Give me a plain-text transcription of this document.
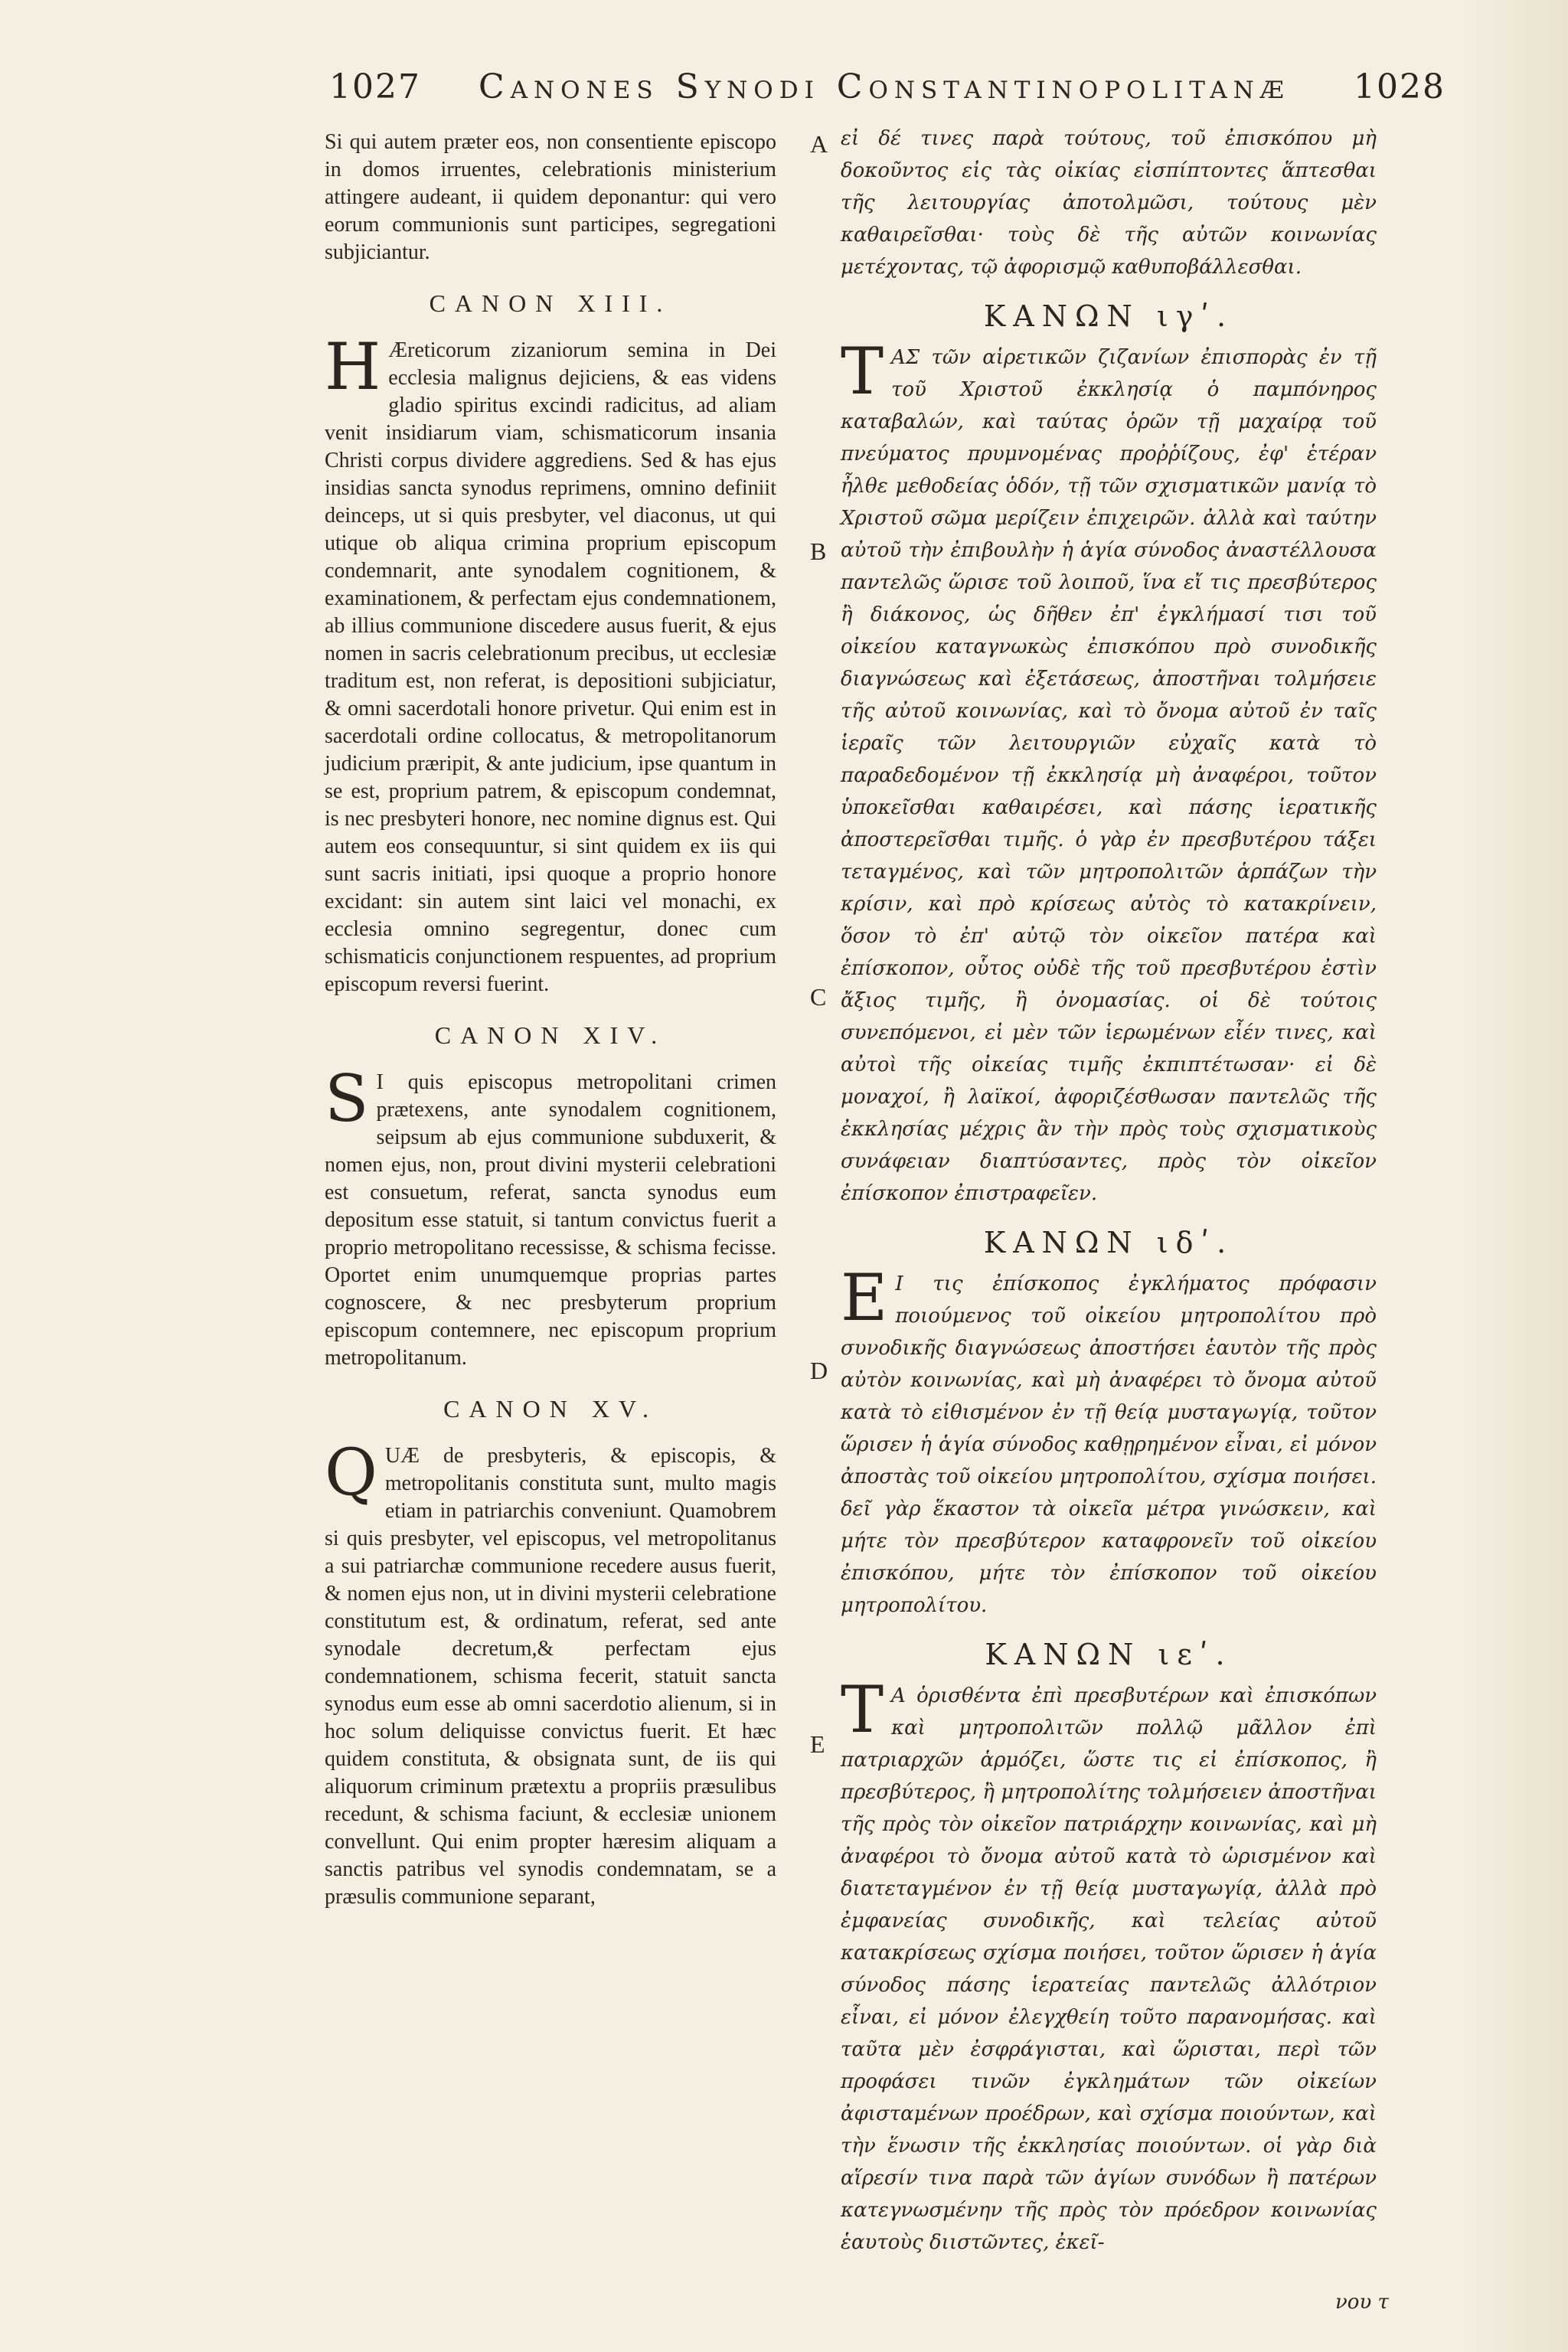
1027 Canones Synodi Constantinopolitanæ 1028
A
B
C
D
E

Si qui autem præter eos, non consentiente episcopo in domos irruentes, celebrationis ministerium attingere audeant, ii quidem deponantur: qui vero eorum communionis sunt participes, segregationi subjiciantur.

CANON XIII.

H Æreticorum zizaniorum semina in Dei ecclesia malignus dejiciens, & eas videns gladio spiritus excindi radicitus, ad aliam venit insidiarum viam, schismaticorum insania Christi corpus dividere aggrediens. Sed & has ejus insidias sancta synodus reprimens, omnino definiit deinceps, ut si quis presbyter, vel diaconus, ut qui utique ob aliqua crimina proprium episcopum condemnarit, ante synodalem cognitionem, & examinationem, & perfectam ejus condemnationem, ab illius communione discedere ausus fuerit, & ejus nomen in sacris celebrationum precibus, ut ecclesiæ traditum est, non referat, is depositioni subjiciatur, & omni sacerdotali honore privetur. Qui enim est in sacerdotali ordine collocatus, & metropolitanorum judicium præripit, & ante judicium, ipse quantum in se est, proprium patrem, & episcopum condemnat, is nec presbyteri honore, nec nomine dignus est. Qui autem eos consequuntur, si sint quidem ex iis qui sunt sacris initiati, ipsi quoque a proprio honore excidant: sin autem sint laici vel monachi, ex ecclesia omnino segregentur, donec cum schismaticis conjunctionem respuentes, ad proprium episcopum reversi fuerint.

CANON XIV.

S I quis episcopus metropolitani crimen prætexens, ante synodalem cognitionem, seipsum ab ejus communione subduxerit, & nomen ejus, non, prout divini mysterii celebrationi est consuetum, referat, sancta synodus eum depositum esse statuit, si tantum convictus fuerit a proprio metropolitano recessisse, & schisma fecisse. Oportet enim unumquemque proprias partes cognoscere, & nec presbyterum proprium episcopum contemnere, nec episcopum proprium metropolitanum.

CANON XV.

QUÆ de presbyteris, & episcopis, & metropolitanis constituta sunt, multo magis etiam in patriarchis conveniunt. Quamobrem si quis presbyter, vel episcopus, vel metropolitanus a sui patriarchæ communione recedere ausus fuerit, & nomen ejus non, ut in divini mysterii celebratione constitutum est, & ordinatum, referat, sed ante synodale decretum,& perfectam ejus condemnationem, schisma fecerit, statuit sancta synodus eum esse ab omni sacerdotio alienum, si in hoc solum deliquisse convictus fuerit. Et hæc quidem constituta, & obsignata sunt, de iis qui aliquorum criminum prætextu a propriis præsulibus recedunt, & schisma faciunt, & ecclesiæ unionem convellunt. Qui enim propter hæresim aliquam a sanctis patribus vel synodis condemnatam, se a præsulis communione separant,

εἰ δέ τινες παρὰ τούτους, τοῦ ἐπισκόπου μὴ δοκοῦντος εἰς τὰς οἰκίας εἰσπίπτοντες ἅπτεσθαι τῆς λειτουργίας ἀποτολμῶσι, τούτους μὲν καθαιρεῖσθαι· τοὺς δὲ τῆς αὐτῶν κοινωνίας μετέχοντας, τῷ ἀφορισμῷ καθυποβάλλεσθαι.

ΚΑΝΩΝ ιγʹ.

ΤΑΣ τῶν αἱρετικῶν ζιζανίων ἐπισπορὰς ἐν τῇ τοῦ Χριστοῦ ἐκκλησίᾳ ὁ παμπόνηρος καταβαλών, καὶ ταύτας ὁρῶν τῇ μαχαίρᾳ τοῦ πνεύματος πρυμνομένας προῤῥίζους, ἐφ' ἑτέραν ἦλθε μεθοδείας ὁδόν, τῇ τῶν σχισματικῶν μανίᾳ τὸ Χριστοῦ σῶμα μερίζειν ἐπιχειρῶν. ἀλλὰ καὶ ταύτην αὐτοῦ τὴν ἐπιβουλὴν ἡ ἁγία σύνοδος ἀναστέλλουσα παντελῶς ὥρισε τοῦ λοιποῦ, ἵνα εἴ τις πρεσβύτερος ἢ διάκονος, ὡς δῆθεν ἐπ' ἐγκλήμασί τισι τοῦ οἰκείου καταγνωκὼς ἐπισκόπου πρὸ συνοδικῆς διαγνώσεως καὶ ἐξετάσεως, ἀποστῆναι τολμήσειε τῆς αὐτοῦ κοινωνίας, καὶ τὸ ὄνομα αὐτοῦ ἐν ταῖς ἱεραῖς τῶν λειτουργιῶν εὐχαῖς κατὰ τὸ παραδεδομένον τῇ ἐκκλησίᾳ μὴ ἀναφέροι, τοῦτον ὑποκεῖσθαι καθαιρέσει, καὶ πάσης ἱερατικῆς ἀποστερεῖσθαι τιμῆς. ὁ γὰρ ἐν πρεσβυτέρου τάξει τεταγμένος, καὶ τῶν μητροπολιτῶν ἁρπάζων τὴν κρίσιν, καὶ πρὸ κρίσεως αὐτὸς τὸ κατακρίνειν, ὅσον τὸ ἐπ' αὐτῷ τὸν οἰκεῖον πατέρα καὶ ἐπίσκοπον, οὗτος οὐδὲ τῆς τοῦ πρεσβυτέρου ἐστὶν ἄξιος τιμῆς, ἢ ὀνομασίας. οἱ δὲ τούτοις συνεπόμενοι, εἰ μὲν τῶν ἱερωμένων εἶέν τινες, καὶ αὐτοὶ τῆς οἰκείας τιμῆς ἐκπιπτέτωσαν· εἰ δὲ μοναχοί, ἢ λαϊκοί, ἀφοριζέσθωσαν παντελῶς τῆς ἐκκλησίας μέχρις ἂν τὴν πρὸς τοὺς σχισματικοὺς συνάφειαν διαπτύσαντες, πρὸς τὸν οἰκεῖον ἐπίσκοπον ἐπιστραφεῖεν.

ΚΑΝΩΝ ιδʹ.

Ε Ι τις ἐπίσκοπος ἐγκλήματος πρόφασιν ποιούμενος τοῦ οἰκείου μητροπολίτου πρὸ συνοδικῆς διαγνώσεως ἀποστήσει ἑαυτὸν τῆς πρὸς αὐτὸν κοινωνίας, καὶ μὴ ἀναφέρει τὸ ὄνομα αὐτοῦ κατὰ τὸ εἰθισμένον ἐν τῇ θείᾳ μυσταγωγίᾳ, τοῦτον ὥρισεν ἡ ἁγία σύνοδος καθῃρημένον εἶναι, εἰ μόνον ἀποστὰς τοῦ οἰκείου μητροπολίτου, σχίσμα ποιήσει. δεῖ γὰρ ἕκαστον τὰ οἰκεῖα μέτρα γινώσκειν, καὶ μήτε τὸν πρεσβύτερον καταφρονεῖν τοῦ οἰκείου ἐπισκόπου, μήτε τὸν ἐπίσκοπον τοῦ οἰκείου μητροπολίτου.

ΚΑΝΩΝ ιεʹ.

Τ Α ὁρισθέντα ἐπὶ πρεσβυτέρων καὶ ἐπισκόπων καὶ μητροπολιτῶν πολλῷ μᾶλλον ἐπὶ πατριαρχῶν ἁρμόζει, ὥστε τις εἰ ἐπίσκοπος, ἢ πρεσβύτερος, ἢ μητροπολίτης τολμήσειεν ἀποστῆναι τῆς πρὸς τὸν οἰκεῖον πατριάρχην κοινωνίας, καὶ μὴ ἀναφέροι τὸ ὄνομα αὐτοῦ κατὰ τὸ ὡρισμένον καὶ διατεταγμένον ἐν τῇ θείᾳ μυσταγωγίᾳ, ἀλλὰ πρὸ ἐμφανείας συνοδικῆς, καὶ τελείας αὐτοῦ κατακρίσεως σχίσμα ποιήσει, τοῦτον ὥρισεν ἡ ἁγία σύνοδος πάσης ἱερατείας παντελῶς ἀλλότριον εἶναι, εἰ μόνον ἐλεγχθείη τοῦτο παρανομήσας. καὶ ταῦτα μὲν ἐσφράγισται, καὶ ὥρισται, περὶ τῶν προφάσει τινῶν ἐγκλημάτων τῶν οἰκείων ἀφισταμένων προέδρων, καὶ σχίσμα ποιούντων, καὶ τὴν ἕνωσιν τῆς ἐκκλησίας ποιούντων. οἱ γὰρ διὰ αἵρεσίν τινα παρὰ τῶν ἁγίων συνόδων ἢ πατέρων κατεγνωσμένην τῆς πρὸς τὸν πρόεδρον κοινωνίας ἑαυτοὺς διιστῶντες, ἐκεῖ-

νου τ
